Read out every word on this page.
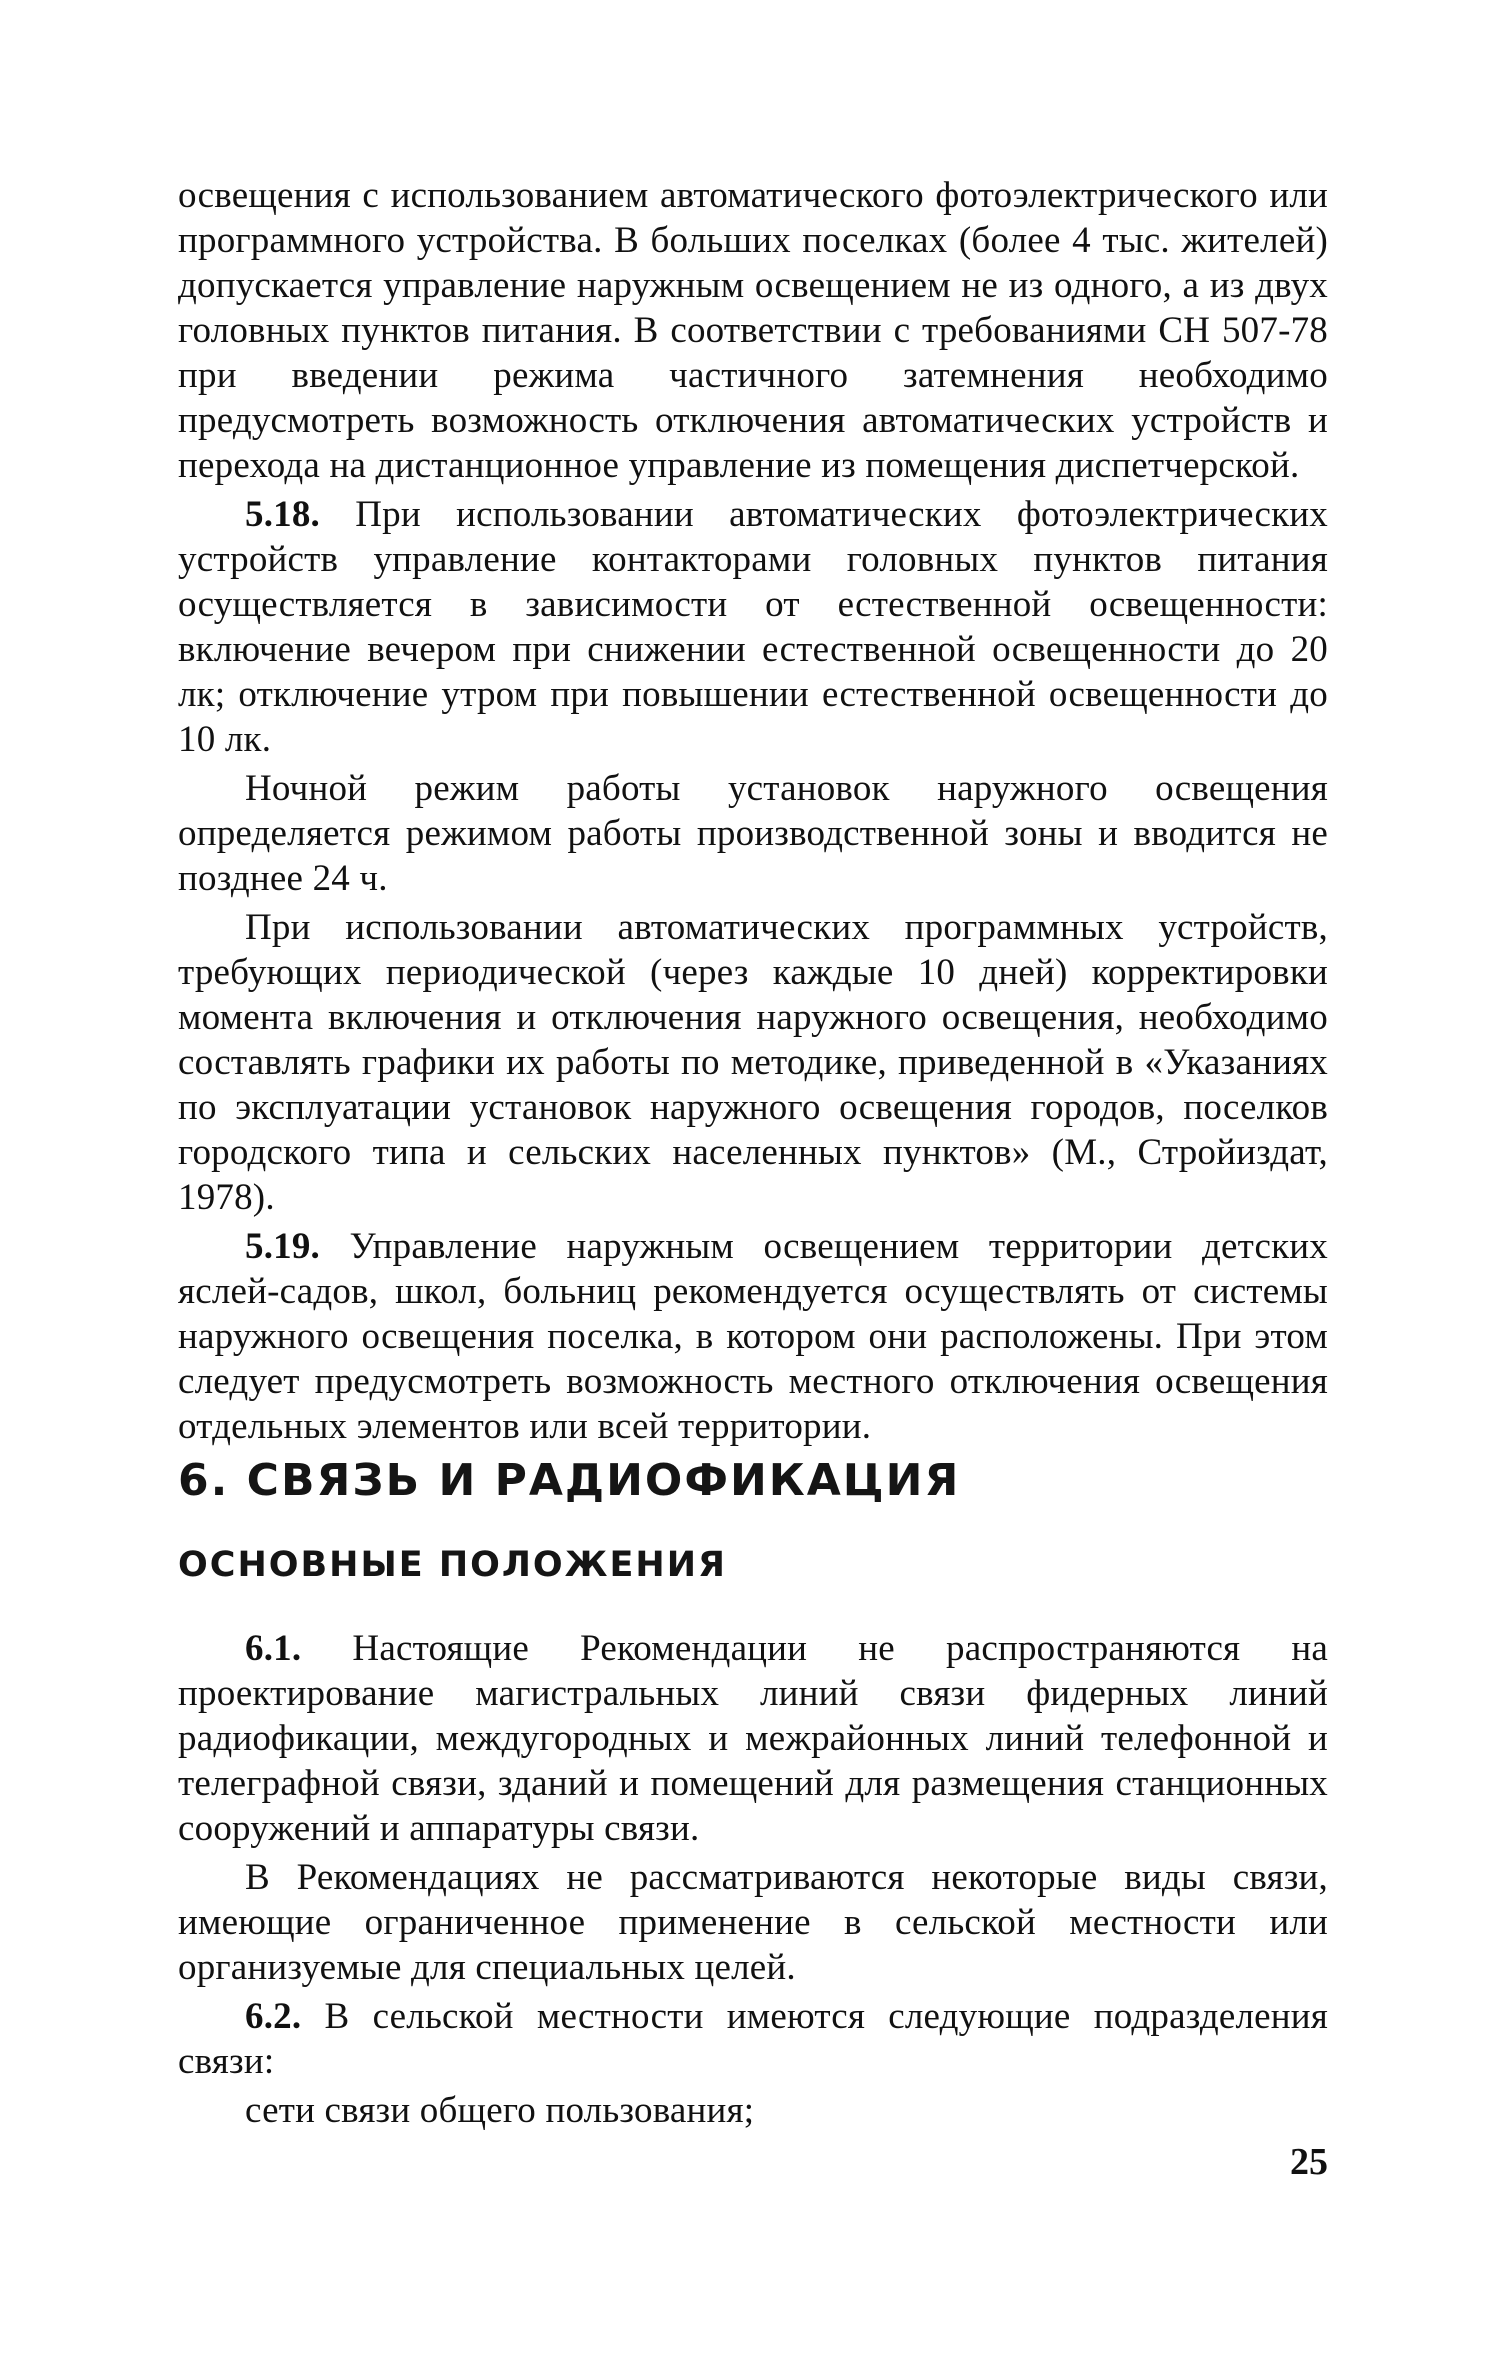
освещения с использованием автоматического фотоэлектрического или программного устройства. В больших поселках (более 4 тыс. жителей) допускается управление наружным освещением не из одного, а из двух головных пунктов питания. В соответствии с требованиями СН 507-78 при введении режима частичного затемнения необходимо предусмотреть возможность отключения автоматических устройств и перехода на дистанционное управление из помещения диспетчерской.

5.18. При использовании автоматических фотоэлектрических устройств управление контакторами головных пунктов питания осуществляется в зависимости от естественной освещенности: включение вечером при снижении естественной освещенности до 20 лк; отключение утром при повышении естественной освещенности до 10 лк.

Ночной режим работы установок наружного освещения определяется режимом работы производственной зоны и вводится не позднее 24 ч.

При использовании автоматических программных устройств, требующих периодической (через каждые 10 дней) корректировки момента включения и отключения наружного освещения, необходимо составлять графики их работы по методике, приведенной в «Указаниях по эксплуатации установок наружного освещения городов, поселков городского типа и сельских населенных пунктов» (М., Стройиздат, 1978).

5.19. Управление наружным освещением территории детских яслей-садов, школ, больниц рекомендуется осуществлять от системы наружного освещения поселка, в котором они расположены. При этом следует предусмотреть возможность местного отключения освещения отдельных элементов или всей территории.

6. СВЯЗЬ И РАДИОФИКАЦИЯ
ОСНОВНЫЕ ПОЛОЖЕНИЯ

6.1. Настоящие Рекомендации не распространяются на проектирование магистральных линий связи фидерных линий радиофикации, междугородных и межрайонных линий телефонной и телеграфной связи, зданий и помещений для размещения станционных сооружений и аппаратуры связи.

В Рекомендациях не рассматриваются некоторые виды связи, имеющие ограниченное применение в сельской местности или организуемые для специальных целей.

6.2. В сельской местности имеются следующие подразделения связи:

сети связи общего пользования;

25
